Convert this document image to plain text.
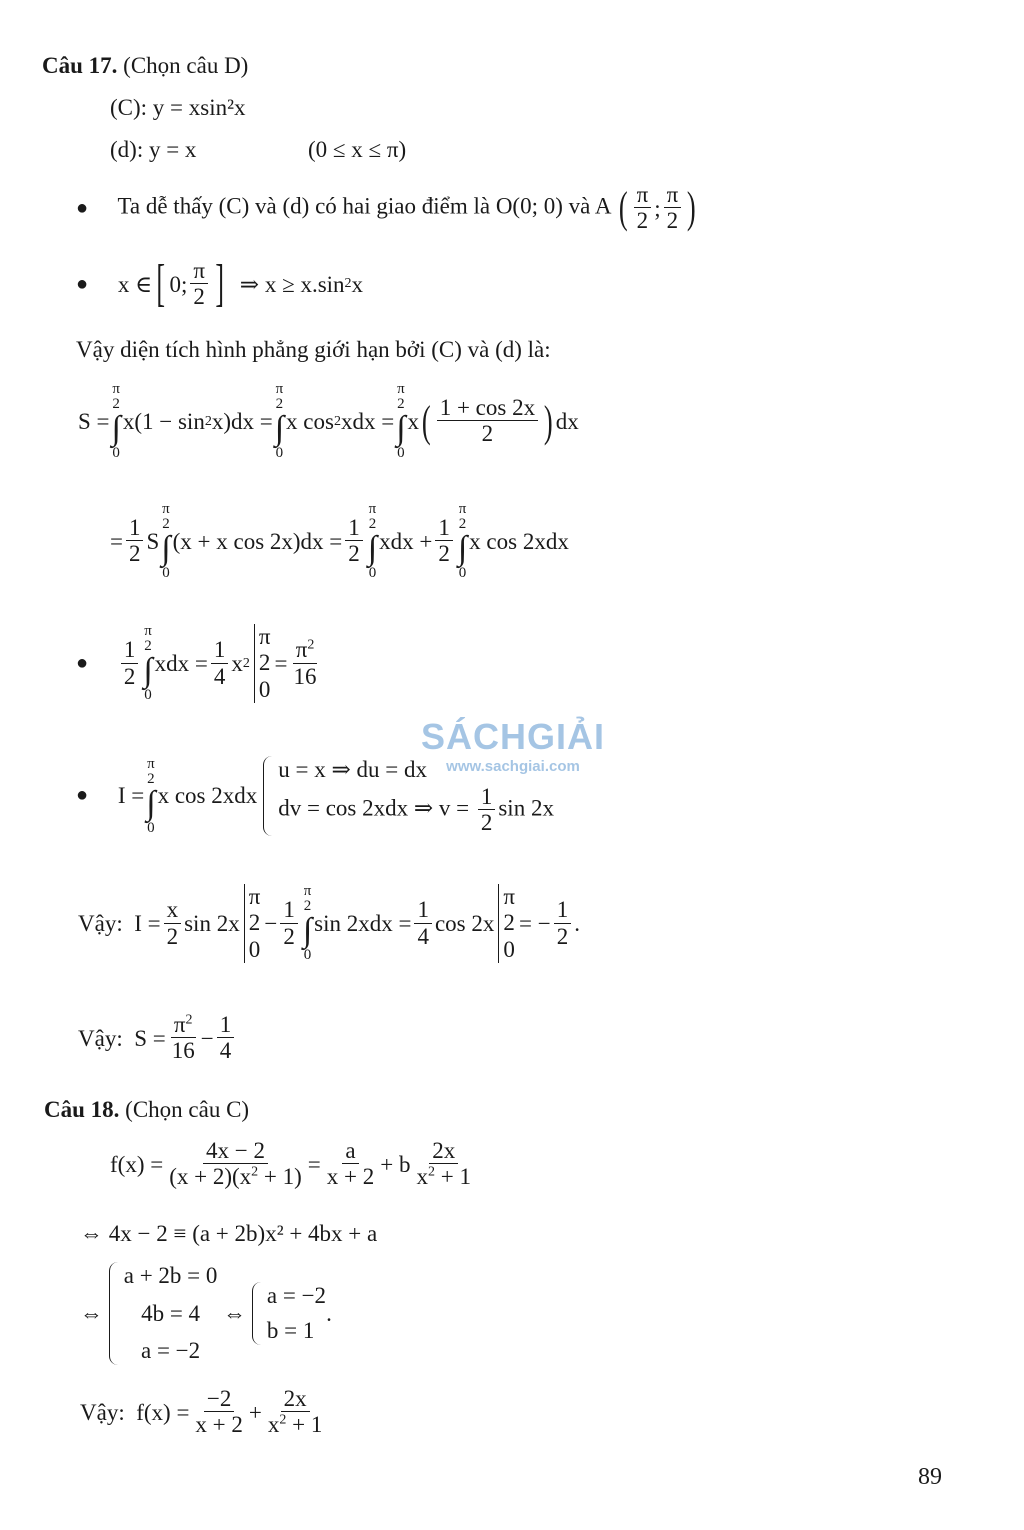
Câu 17. (Chọn câu D)
(C): y = xsin²x
(d): y = x	(0 ≤ x ≤ π)
● Ta dễ thấy (C) và (d) có hai giao điểm là O(0; 0) và A ( $\frac{\pi}{2}$ ; $\frac{\pi}{2}$ )
● x ∈ [ 0; $\frac{\pi}{2}$ ] ⇒ x ≥ x.sin 2 x
Vậy diện tích hình phẳng giới hạn bởi (C) và (d) là:
S =
π
2
∫
0
x(1 − sin 2 x)dx =
π
2
∫
0
x cos 2 xdx =
π
2
∫
0
x ( $\frac{1 + \cos 2x}{2}$ ) dx
= $\frac{1}{2}$ S
π
2
∫
0
(x + x $\cos 2x)dx = \frac{1}{2}$
π
2
∫
0
xdx + $\frac{1}{2}$
π
2
∫
0
x cos 2xdx
● $\frac{1}{2}$
π
2
∫
0
xdx = $\frac{1}{4}$ x 2
π
2
0
= $\frac{\pi^2}{16}$
● I =
π
2
∫
0
x cos 2xdx
u = x ⇒ du = dx
dv = cos 2xdx ⇒ $v = \frac{1}{2}$ sin 2x
Vậy: $I = \frac{x}{2}$ sin 2x
π
2
0
− $\frac{1}{2}$
π
2
∫
0
$\sin 2xdx = \frac{1}{4}$ cos 2x
π
2
0
= − $\frac{1}{2}$ .
Vậy: $S = \frac{\pi^2}{16} - \frac{1}{4}$
Câu 18. (Chọn câu C)
$f(x) = \frac{4x - 2}{(x + 2)(x^2 + 1)} = \frac{a}{x + 2} + b \frac{2x}{x^2 + 1}$
⇔ 4x − 2 ≡ (a + 2b)x² + 4bx + a
⇔
a + 2b = 0
4b = 4
a = −2
⇔
a = −2
b = 1
.
Vậy: $f(x) = \frac{-2}{x + 2} + \frac{2x}{x^2 + 1}$
SÁCHGIẢI
www.sachgiai.com
89
